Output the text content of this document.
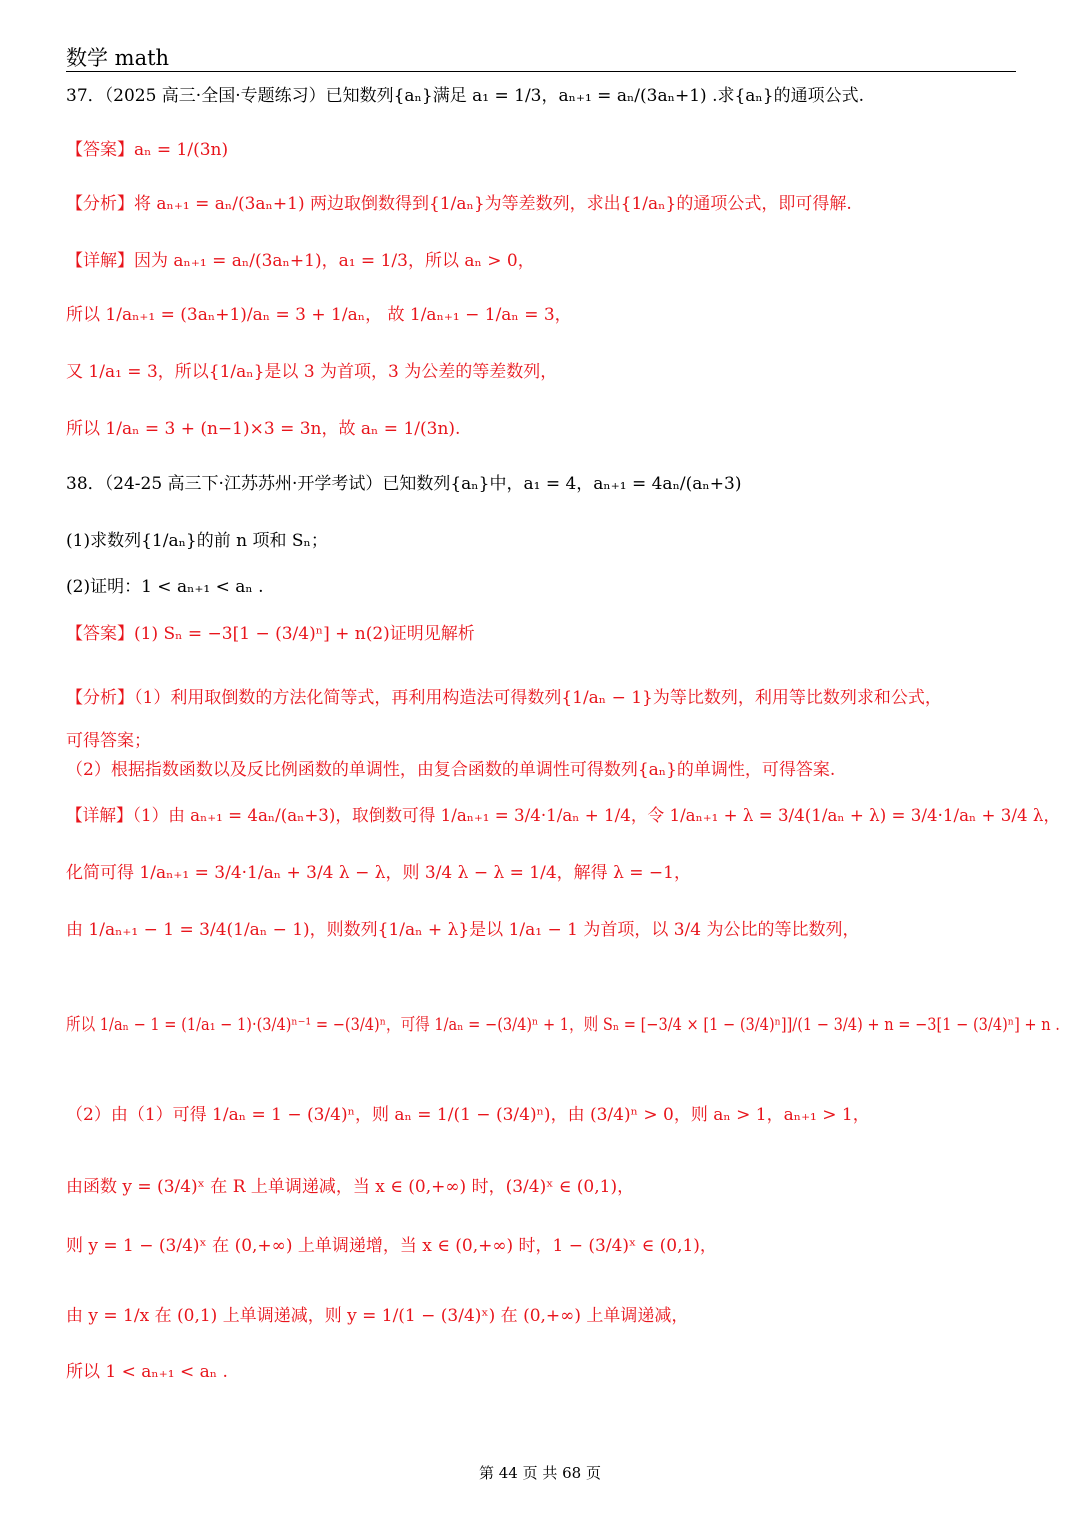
数学 math
37．（2025 高三·全国·专题练习）已知数列{aₙ}满足 a₁ = 1/3，aₙ₊₁ = aₙ/(3aₙ+1) .求{aₙ}的通项公式.
【答案】aₙ = 1/(3n)
【分析】将 aₙ₊₁ = aₙ/(3aₙ+1) 两边取倒数得到{1/aₙ}为等差数列，求出{1/aₙ}的通项公式，即可得解.
【详解】因为 aₙ₊₁ = aₙ/(3aₙ+1)，a₁ = 1/3，所以 aₙ > 0，
所以 1/aₙ₊₁ = (3aₙ+1)/aₙ = 3 + 1/aₙ， 故 1/aₙ₊₁ − 1/aₙ = 3，
又 1/a₁ = 3，所以{1/aₙ}是以 3 为首项，3 为公差的等差数列，
所以 1/aₙ = 3 + (n−1)×3 = 3n，故 aₙ = 1/(3n).
38．（24-25 高三下·江苏苏州·开学考试）已知数列{aₙ}中，a₁ = 4，aₙ₊₁ = 4aₙ/(aₙ+3)
(1)求数列{1/aₙ}的前 n 项和 Sₙ；
(2)证明：1 < aₙ₊₁ < aₙ .
【答案】(1) Sₙ = −3[1 − (3/4)ⁿ] + n(2)证明见解析
【分析】（1）利用取倒数的方法化简等式，再利用构造法可得数列{1/aₙ − 1}为等比数列，利用等比数列求和公式，
可得答案；
（2）根据指数函数以及反比例函数的单调性，由复合函数的单调性可得数列{aₙ}的单调性，可得答案.
【详解】（1）由 aₙ₊₁ = 4aₙ/(aₙ+3)，取倒数可得 1/aₙ₊₁ = 3/4·1/aₙ + 1/4，令 1/aₙ₊₁ + λ = 3/4(1/aₙ + λ) = 3/4·1/aₙ + 3/4 λ，
化简可得 1/aₙ₊₁ = 3/4·1/aₙ + 3/4 λ − λ，则 3/4 λ − λ = 1/4，解得 λ = −1，
由 1/aₙ₊₁ − 1 = 3/4(1/aₙ − 1)，则数列{1/aₙ + λ}是以 1/a₁ − 1 为首项，以 3/4 为公比的等比数列，
所以 1/aₙ − 1 = (1/a₁ − 1)·(3/4)ⁿ⁻¹ = −(3/4)ⁿ，可得 1/aₙ = −(3/4)ⁿ + 1，则 Sₙ = [−3/4 × [1 − (3/4)ⁿ]]/(1 − 3/4) + n = −3[1 − (3/4)ⁿ] + n .
（2）由（1）可得 1/aₙ = 1 − (3/4)ⁿ，则 aₙ = 1/(1 − (3/4)ⁿ)，由 (3/4)ⁿ > 0，则 aₙ > 1，aₙ₊₁ > 1，
由函数 y = (3/4)ˣ 在 R 上单调递减，当 x ∈ (0,+∞) 时，(3/4)ˣ ∈ (0,1)，
则 y = 1 − (3/4)ˣ 在 (0,+∞) 上单调递增，当 x ∈ (0,+∞) 时，1 − (3/4)ˣ ∈ (0,1)，
由 y = 1/x 在 (0,1) 上单调递减，则 y = 1/(1 − (3/4)ˣ) 在 (0,+∞) 上单调递减，
所以 1 < aₙ₊₁ < aₙ .
第 44 页 共 68 页
